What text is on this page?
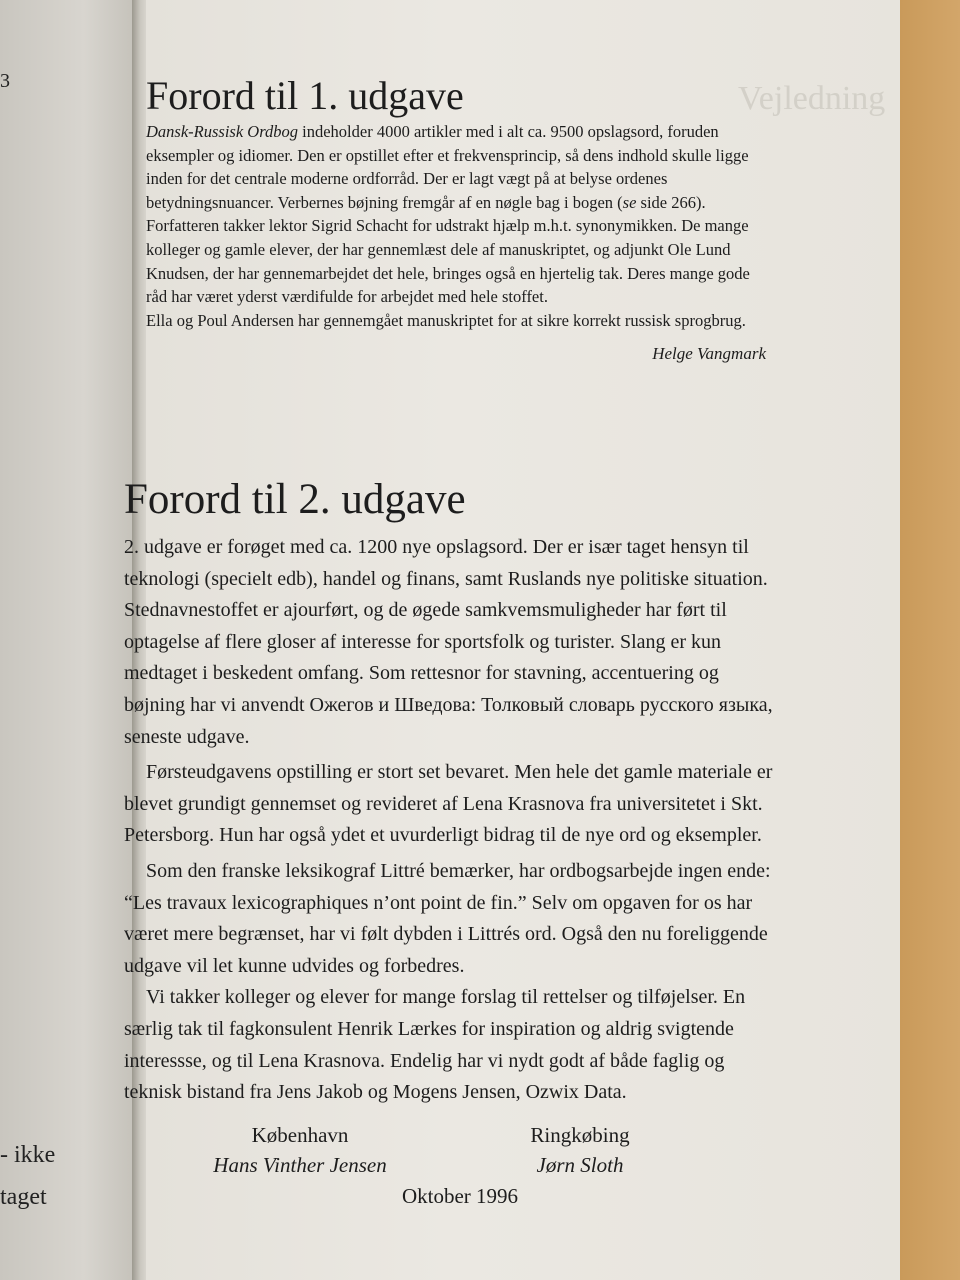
3
- ikke
taget
Vejledning
Forord til 1. udgave

Dansk-Russisk Ordbog indeholder 4000 artikler med i alt ca. 9500 opslagsord, foruden eksempler og idiomer. Den er opstillet efter et frekvensprincip, så dens indhold skulle ligge inden for det centrale moderne ordforråd. Der er lagt vægt på at belyse ordenes betydningsnuancer. Verbernes bøjning fremgår af en nøgle bag i bogen (se side 266).

Forfatteren takker lektor Sigrid Schacht for udstrakt hjælp m.h.t. synonymikken. De mange kolleger og gamle elever, der har gennemlæst dele af manuskriptet, og adjunkt Ole Lund Knudsen, der har gennemarbejdet det hele, bringes også en hjertelig tak. Deres mange gode råd har været yderst værdifulde for arbejdet med hele stoffet.

Ella og Poul Andersen har gennemgået manuskriptet for at sikre korrekt russisk sprogbrug.

Helge Vangmark
Forord til 2. udgave

2. udgave er forøget med ca. 1200 nye opslagsord. Der er især taget hensyn til teknologi (specielt edb), handel og finans, samt Ruslands nye politiske situation. Stednavnestoffet er ajourført, og de øgede samkvemsmuligheder har ført til optagelse af flere gloser af interesse for sportsfolk og turister. Slang er kun medtaget i beskedent omfang. Som rettesnor for stavning, accentuering og bøjning har vi anvendt Ожегов и Шведова: Толковый словарь русского языка, seneste udgave.

Førsteudgavens opstilling er stort set bevaret. Men hele det gamle materiale er blevet grundigt gennemset og revideret af Lena Krasnova fra universitetet i Skt. Petersborg. Hun har også ydet et uvurderligt bidrag til de nye ord og eksempler.

Som den franske leksikograf Littré bemærker, har ordbogsarbejde ingen ende: “Les travaux lexicographiques n’ont point de fin.” Selv om opgaven for os har været mere begrænset, har vi følt dybden i Littrés ord. Også den nu foreliggende udgave vil let kunne udvides og forbedres.

Vi takker kolleger og elever for mange forslag til rettelser og tilføjelser. En særlig tak til fagkonsulent Henrik Lærkes for inspiration og aldrig svigtende interessse, og til Lena Krasnova. Endelig har vi nydt godt af både faglig og teknisk bistand fra Jens Jakob og Mogens Jensen, Ozwix Data.

København
Hans Vinther Jensen
Ringkøbing
Jørn Sloth
Oktober 1996
